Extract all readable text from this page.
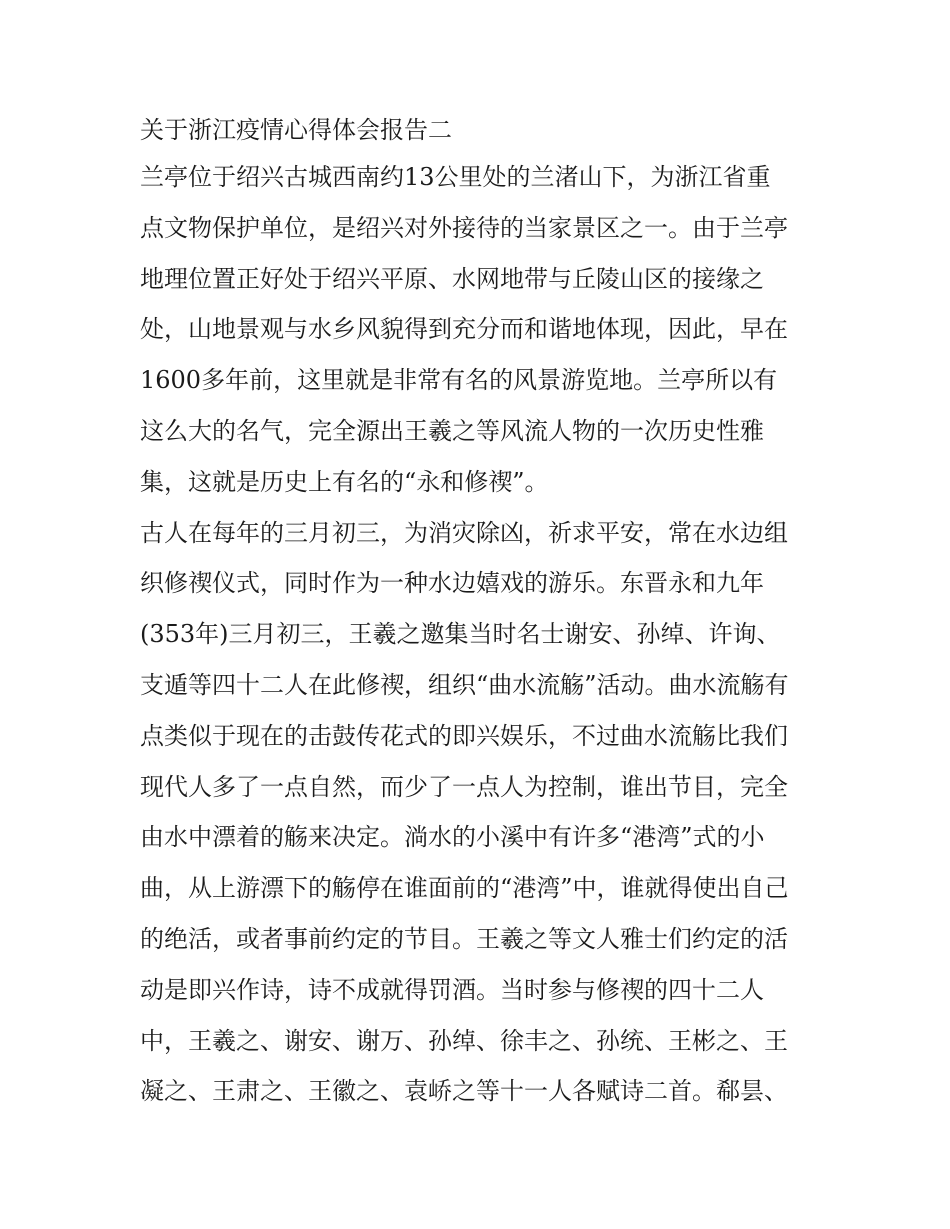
关于浙江疫情心得体会报告二

兰亭位于绍兴古城西南约13公里处的兰渚山下，为浙江省重
点文物保护单位，是绍兴对外接待的当家景区之一。由于兰亭
地理位置正好处于绍兴平原、水网地带与丘陵山区的接缘之
处，山地景观与水乡风貌得到充分而和谐地体现，因此，早在
1600多年前，这里就是非常有名的风景游览地。兰亭所以有
这么大的名气，完全源出王羲之等风流人物的一次历史性雅
集，这就是历史上有名的“永和修禊”。

古人在每年的三月初三，为消灾除凶，祈求平安，常在水边组
织修禊仪式，同时作为一种水边嬉戏的游乐。东晋永和九年
(353年)三月初三，王羲之邀集当时名士谢安、孙绰、许询、
支遁等四十二人在此修禊，组织“曲水流觞”活动。曲水流觞有
点类似于现在的击鼓传花式的即兴娱乐，不过曲水流觞比我们
现代人多了一点自然，而少了一点人为控制，谁出节目，完全
由水中漂着的觞来决定。淌水的小溪中有许多“港湾”式的小
曲，从上游漂下的觞停在谁面前的“港湾”中，谁就得使出自己
的绝活，或者事前约定的节目。王羲之等文人雅士们约定的活
动是即兴作诗，诗不成就得罚酒。当时参与修禊的四十二人
中，王羲之、谢安、谢万、孙绰、徐丰之、孙统、王彬之、王
凝之、王肃之、王徽之、袁峤之等十一人各赋诗二首。郗昙、
